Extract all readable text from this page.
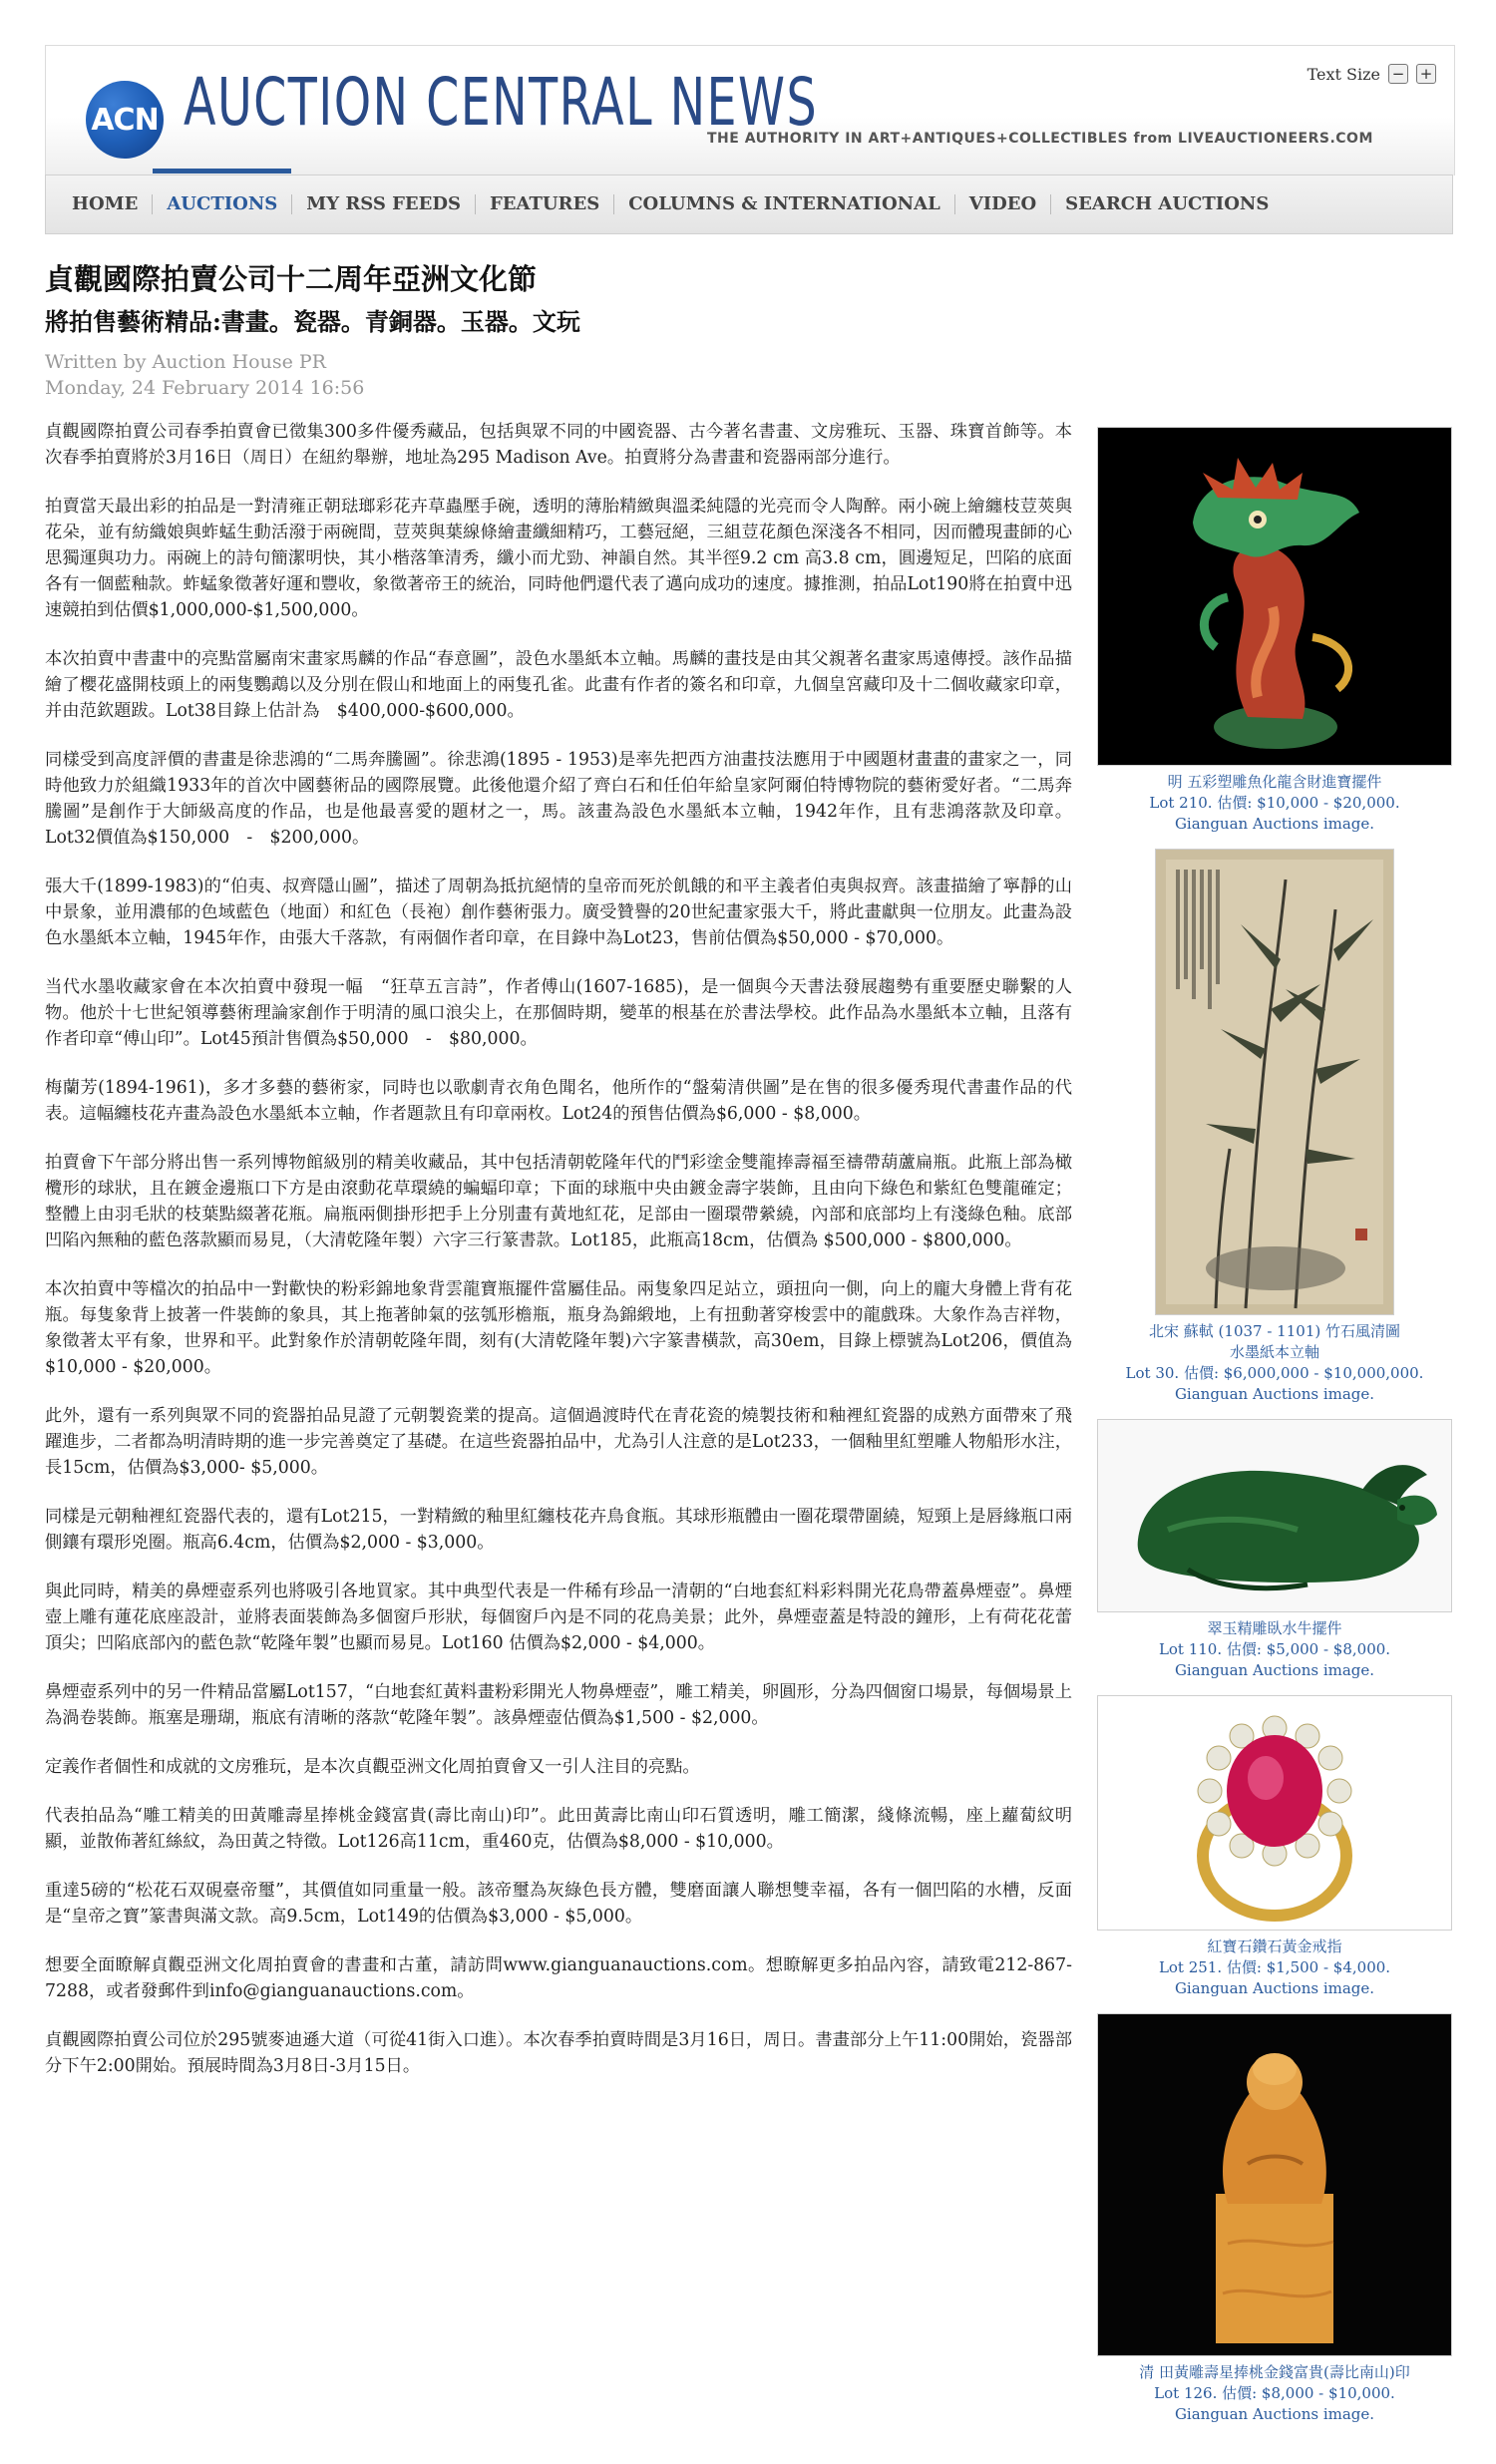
ACN AUCTION CENTRAL NEWS
THE AUTHORITY IN ART+ANTIQUES+COLLECTIBLES from LIVEAUCTIONEERS.COM
Text Size − +
HOME	AUCTIONS	MY RSS FEEDS	FEATURES	COLUMNS & INTERNATIONAL	VIDEO	SEARCH AUCTIONS
貞觀國際拍賣公司十二周年亞洲文化節
將拍售藝術精品:書畫。瓷器。青銅器。玉器。文玩
Written by Auction House PR
Monday, 24 February 2014 16:56

貞觀國際拍賣公司春季拍賣會已徵集300多件優秀藏品，包括與眾不同的中國瓷器、古今著名書畫、文房雅玩、玉器、珠寶首飾等。本次春季拍賣將於3月16日（周日）在紐約舉辦，地址為295 Madison Ave。拍賣將分為書畫和瓷器兩部分進行。

拍賣當天最出彩的拍品是一對清雍正朝琺瑯彩花卉草蟲壓手碗，透明的薄胎精緻與溫柔純隱的光亮而令人陶醉。兩小碗上繪纏枝荳莢與花朵，並有紡織娘與蚱蜢生動活潑于兩碗間，荳莢與葉線條繪畫纖細精巧，工藝冠絕，三組荳花顏色深淺各不相同，因而體現畫師的心思獨運與功力。兩碗上的詩句簡潔明快，其小楷落筆清秀，纖小而尤勁、神韻自然。其半徑9.2 cm 高3.8 cm，圓邊短足，凹陷的底面各有一個藍釉款。蚱蜢象徵著好運和豐收，象徵著帝王的統治，同時他們還代表了邁向成功的速度。據推測，拍品Lot190將在拍賣中迅速競拍到估價$1,000,000-$1,500,000。

本次拍賣中書畫中的亮點當屬南宋畫家馬麟的作品“春意圖”，設色水墨紙本立軸。馬麟的畫技是由其父親著名畫家馬遠傳授。該作品描繪了櫻花盛開枝頭上的兩隻鸚鵡以及分別在假山和地面上的兩隻孔雀。此畫有作者的簽名和印章，九個皇宮藏印及十二個收藏家印章，并由范欽題跋。Lot38目錄上估計為　$400,000-$600,000。

同樣受到高度評價的書畫是徐悲鴻的“二馬奔騰圖”。徐悲鴻(1895 - 1953)是率先把西方油畫技法應用于中國題材畫畫的畫家之一，同時他致力於組織1933年的首次中國藝術品的國際展覽。此後他還介紹了齊白石和任伯年給皇家阿爾伯特博物院的藝術愛好者。“二馬奔騰圖”是創作于大師級高度的作品，也是他最喜愛的題材之一，馬。該畫為設色水墨紙本立軸，1942年作，且有悲鴻落款及印章。Lot32價值為$150,000　-　$200,000。

張大千(1899-1983)的“伯夷、叔齊隱山圖”，描述了周朝為抵抗絕情的皇帝而死於飢餓的和平主義者伯夷與叔齊。該畫描繪了寧靜的山中景象，並用濃郁的色域藍色（地面）和紅色（長袍）創作藝術張力。廣受贊譽的20世紀畫家張大千，將此畫獻與一位朋友。此畫為設色水墨紙本立軸，1945年作，由張大千落款，有兩個作者印章，在目錄中為Lot23，售前估價為$50,000 - $70,000。

当代水墨收藏家會在本次拍賣中發現一幅　“狂草五言詩”，作者傅山(1607-1685)，是一個與今天書法發展趨勢有重要歷史聯繫的人物。他於十七世紀領導藝術理論家創作于明清的風口浪尖上，在那個時期，變革的根基在於書法學校。此作品為水墨紙本立軸，且落有作者印章“傅山印”。Lot45預計售價為$50,000　-　$80,000。

梅蘭芳(1894-1961)，多才多藝的藝術家，同時也以歌劇青衣角色聞名，他所作的“盤菊清供圖”是在售的很多優秀現代書畫作品的代表。這幅纏枝花卉畫為設色水墨紙本立軸，作者題款且有印章兩枚。Lot24的預售估價為$6,000 - $8,000。

拍賣會下午部分將出售一系列博物館級別的精美收藏品，其中包括清朝乾隆年代的鬥彩塗金雙龍捧壽福至禱帶葫蘆扁瓶。此瓶上部為橄欖形的球狀，且在鍍金邊瓶口下方是由滾動花草環繞的蝙蝠印章；下面的球瓶中央由鍍金壽字裝飾，且由向下綠色和紫紅色雙龍確定；整體上由羽毛狀的枝葉點綴著花瓶。扁瓶兩側掛形把手上分別畫有黃地紅花，足部由一圈環帶縈繞，內部和底部均上有淺綠色釉。底部凹陷內無釉的藍色落款顯而易見，（大清乾隆年製）六字三行篆書款。Lot185，此瓶高18cm，估價為 $500,000 - $800,000。

本次拍賣中等檔次的拍品中一對歡快的粉彩錦地象背雲龍寶瓶擺件當屬佳品。兩隻象四足站立，頭扭向一側，向上的龐大身體上背有花瓶。每隻象背上披著一件裝飾的象具，其上拖著帥氣的弦瓠形檐瓶，瓶身為錦緞地，上有扭動著穿梭雲中的龍戲珠。大象作為吉祥物，象徵著太平有象，世界和平。此對象作於清朝乾隆年間，刻有(大清乾隆年製)六字篆書橫款，高30em，目錄上標號為Lot206，價值為$10,000 - $20,000。

此外，還有一系列與眾不同的瓷器拍品見證了元朝製瓷業的提高。這個過渡時代在青花瓷的燒製技術和釉裡紅瓷器的成熟方面帶來了飛躍進步，二者都為明清時期的進一步完善奠定了基礎。在這些瓷器拍品中，尤為引人注意的是Lot233，一個釉里紅塑雕人物船形水注，長15cm，估價為$3,000- $5,000。

同樣是元朝釉裡紅瓷器代表的，還有Lot215，一對精緻的釉里紅纏枝花卉鳥食瓶。其球形瓶體由一圈花環帶圍繞，短頸上是唇緣瓶口兩側鑲有環形兇圈。瓶高6.4cm，估價為$2,000 - $3,000。

與此同時，精美的鼻煙壺系列也將吸引各地買家。其中典型代表是一件稀有珍品一清朝的“白地套紅料彩料開光花鳥帶蓋鼻煙壺”。鼻煙壺上雕有蓮花底座設計，並將表面裝飾為多個窗戶形狀，每個窗戶內是不同的花鳥美景；此外，鼻煙壺蓋是特設的鐘形，上有荷花花蕾頂尖；凹陷底部內的藍色款“乾隆年製”也顯而易見。Lot160 估價為$2,000 - $4,000。

鼻煙壺系列中的另一件精品當屬Lot157，“白地套紅黃料畫粉彩開光人物鼻煙壺”，雕工精美，卵圓形，分為四個窗口場景，每個場景上為渦卷裝飾。瓶塞是珊瑚，瓶底有清晰的落款“乾隆年製”。該鼻煙壺估價為$1,500 - $2,000。

定義作者個性和成就的文房雅玩，是本次貞觀亞洲文化周拍賣會又一引人注目的亮點。

代表拍品為“雕工精美的田黃雕壽星捧桃金錢富貴(壽比南山)印”。此田黃壽比南山印石質透明，雕工簡潔，綫條流暢，座上蘿蔔紋明顯，並散佈著紅絲紋，為田黃之特徵。Lot126高11cm，重460克，估價為$8,000 - $10,000。

重達5磅的“松花石双硯臺帝璽”，其價值如同重量一般。該帝璽為灰綠色長方體，雙磨面讓人聯想雙幸福，各有一個凹陷的水槽，反面是“皇帝之寶”篆書與滿文款。高9.5cm，Lot149的估價為$3,000 - $5,000。

想要全面瞭解貞觀亞洲文化周拍賣會的書畫和古董，請訪問www.gianguanauctions.com。想瞭解更多拍品內容，請致電212-867-7288，或者發郵件到info@gianguanauctions.com。

貞觀國際拍賣公司位於295號麥迪遜大道（可從41街入口進）。本次春季拍賣時間是3月16日，周日。書畫部分上午11:00開始，瓷器部分下午2:00開始。預展時間為3月8日-3月15日。

明 五彩塑雕魚化龍含財進寶擺件
Lot 210. 估價: $10,000 - $20,000.
Gianguan Auctions image.
北宋 蘇軾 (1037 - 1101) 竹石風清圖
水墨紙本立軸
Lot 30. 估價: $6,000,000 - $10,000,000.
Gianguan Auctions image.
翠玉精雕臥水牛擺件
Lot 110. 估價: $5,000 - $8,000.
Gianguan Auctions image.
紅寶石鑽石黃金戒指
Lot 251. 估價: $1,500 - $4,000.
Gianguan Auctions image.
清 田黃雕壽星捧桃金錢富貴(壽比南山)印
Lot 126. 估價: $8,000 - $10,000.
Gianguan Auctions image.
